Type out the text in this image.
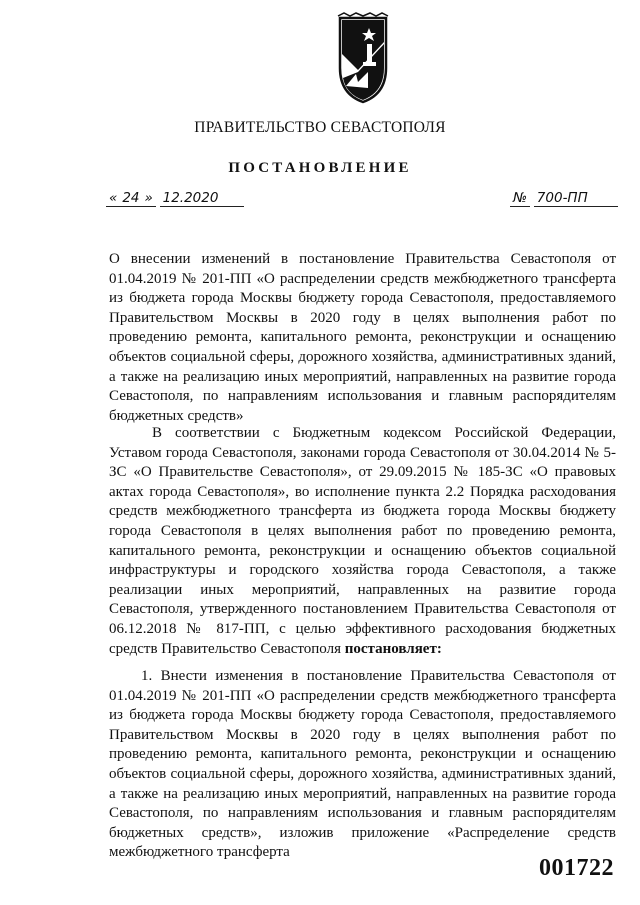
ПРАВИТЕЛЬСТВО СЕВАСТОПОЛЯ
ПОСТАНОВЛЕНИЕ
« 24 » 12.2020	№ 700-ПП

О внесении изменений в постановление Правительства Севастополя от 01.04.2019 № 201-ПП «О распределении средств межбюджетного трансферта из бюджета города Москвы бюджету города Севастополя, предоставляемого Правительством Москвы в 2020 году в целях выполнения работ по проведению ремонта, капитального ремонта, реконструкции и оснащению объектов социальной сферы, дорожного хозяйства, административных зданий, а также на реализацию иных мероприятий, направленных на развитие города Севастополя, по направлениям использования и главным распорядителям бюджетных средств»

В соответствии с Бюджетным кодексом Российской Федерации, Уставом города Севастополя, законами города Севастополя от 30.04.2014 № 5-ЗС «О Правительстве Севастополя», от 29.09.2015 № 185-ЗС «О правовых актах города Севастополя», во исполнение пункта 2.2 Порядка расходования средств межбюджетного трансферта из бюджета города Москвы бюджету города Севастополя в целях выполнения работ по проведению ремонта, капитального ремонта, реконструкции и оснащению объектов социальной инфраструктуры и городского хозяйства города Севастополя, а также реализации иных мероприятий, направленных на развитие города Севастополя, утвержденного постановлением Правительства Севастополя от 06.12.2018 № 817-ПП, с целью эффективного расходования бюджетных средств Правительство Севастополя постановляет:

1. Внести изменения в постановление Правительства Севастополя от 01.04.2019 № 201-ПП «О распределении средств межбюджетного трансферта из бюджета города Москвы бюджету города Севастополя, предоставляемого Правительством Москвы в 2020 году в целях выполнения работ по проведению ремонта, капитального ремонта, реконструкции и оснащению объектов социальной сферы, дорожного хозяйства, административных зданий, а также на реализацию иных мероприятий, направленных на развитие города Севастополя, по направлениям использования и главным распорядителям бюджетных средств», изложив приложение «Распределение средств межбюджетного трансферта

001722
